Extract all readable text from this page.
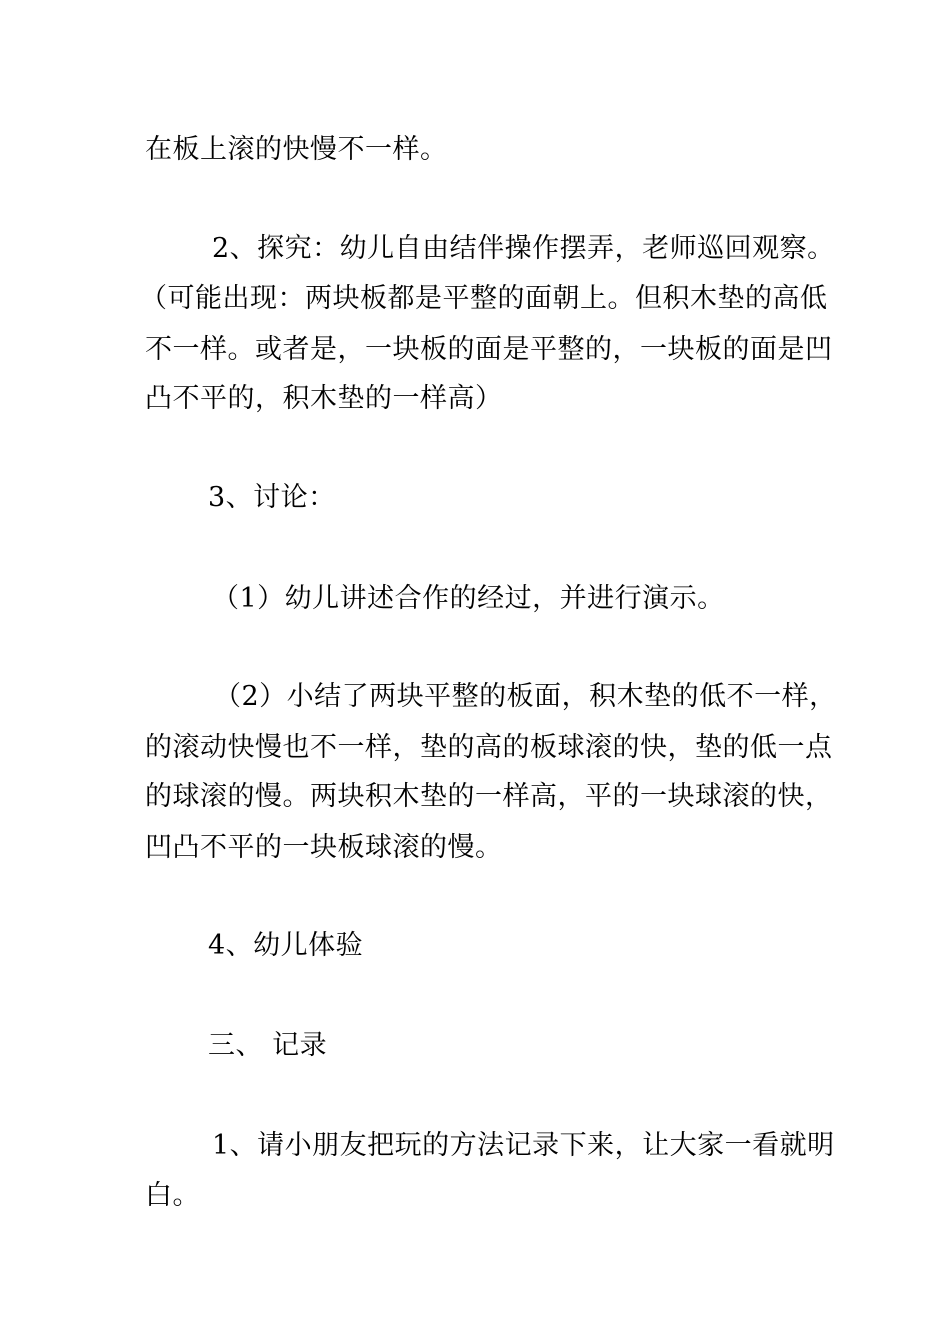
在板上滚的快慢不一样。

2、探究：幼儿自由结伴操作摆弄，老师巡回观察。

（可能出现：两块板都是平整的面朝上。但积木垫的高低

不一样。或者是，一块板的面是平整的，一块板的面是凹

凸不平的，积木垫的一样高）

3、讨论：

（1）幼儿讲述合作的经过，并进行演示。

（2）小结了两块平整的板面，积木垫的低不一样，

的滚动快慢也不一样，垫的高的板球滚的快，垫的低一点

的球滚的慢。两块积木垫的一样高，平的一块球滚的快，

凹凸不平的一块板球滚的慢。

4、幼儿体验

三、 记录

1、请小朋友把玩的方法记录下来，让大家一看就明

白。
